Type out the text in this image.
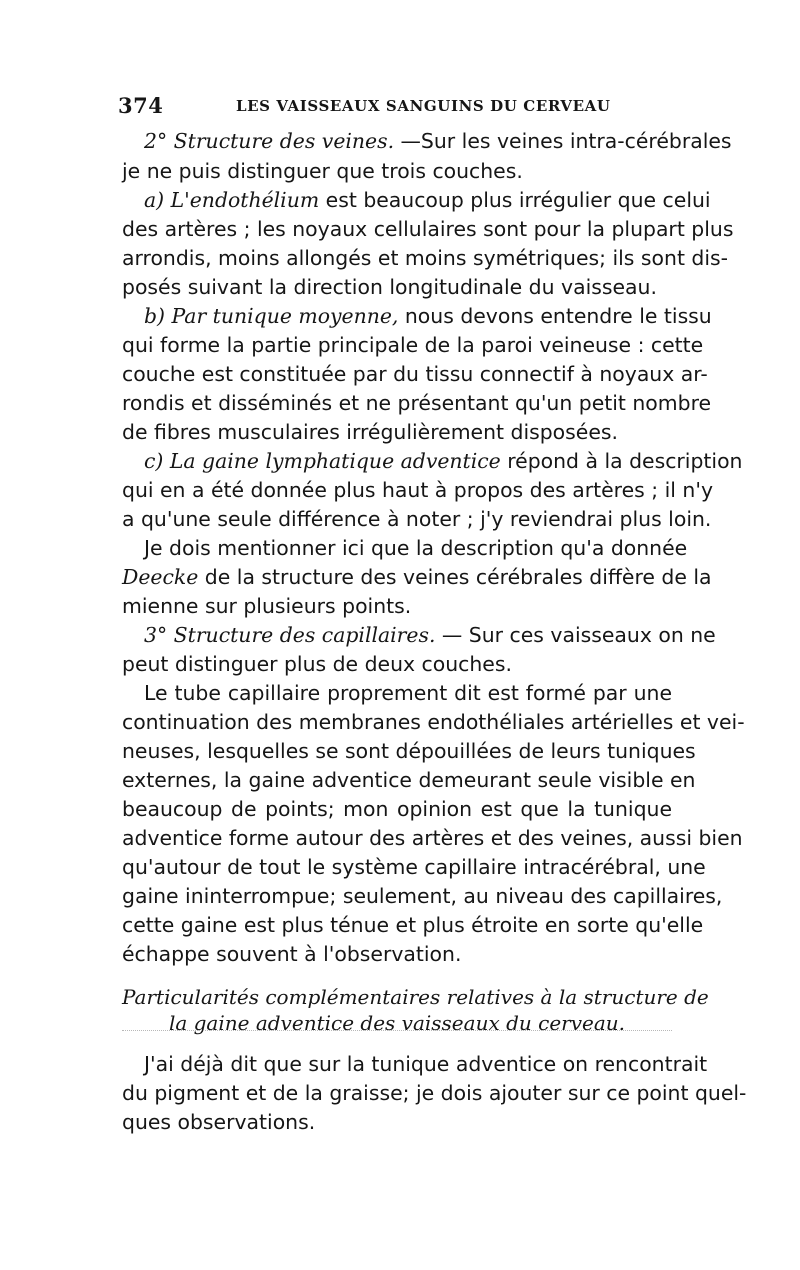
374	LES VAISSEAUX SANGUINS DU CERVEAU
2° Structure des veines. —Sur les veines intra-cérébrales
je ne puis distinguer que trois couches.
a) L'endothélium est beaucoup plus irrégulier que celui
des artères ; les noyaux cellulaires sont pour la plupart plus
arrondis, moins allongés et moins symétriques; ils sont dis-
posés suivant la direction longitudinale du vaisseau.
b) Par tunique moyenne, nous devons entendre le tissu
qui forme la partie principale de la paroi veineuse : cette
couche est constituée par du tissu connectif à noyaux ar-
rondis et disséminés et ne présentant qu'un petit nombre
de fibres musculaires irrégulièrement disposées.
c) La gaine lymphatique adventice répond à la description
qui en a été donnée plus haut à propos des artères ; il n'y
a qu'une seule différence à noter ; j'y reviendrai plus loin.
Je dois mentionner ici que la description qu'a donnée
Deecke de la structure des veines cérébrales diffère de la
mienne sur plusieurs points.
3° Structure des capillaires. — Sur ces vaisseaux on ne
peut distinguer plus de deux couches.
Le tube capillaire proprement dit est formé par une
continuation des membranes endothéliales artérielles et vei-
neuses, lesquelles se sont dépouillées de leurs tuniques
externes, la gaine adventice demeurant seule visible en
beaucoup de points; mon opinion est que la tunique
adventice forme autour des artères et des veines, aussi bien
qu'autour de tout le système capillaire intracérébral, une
gaine ininterrompue; seulement, au niveau des capillaires,
cette gaine est plus ténue et plus étroite en sorte qu'elle
échappe souvent à l'observation.
Particularités complémentaires relatives à la structure de
la gaine adventice des vaisseaux du cerveau.
J'ai déjà dit que sur la tunique adventice on rencontrait
du pigment et de la graisse; je dois ajouter sur ce point quel-
ques observations.
